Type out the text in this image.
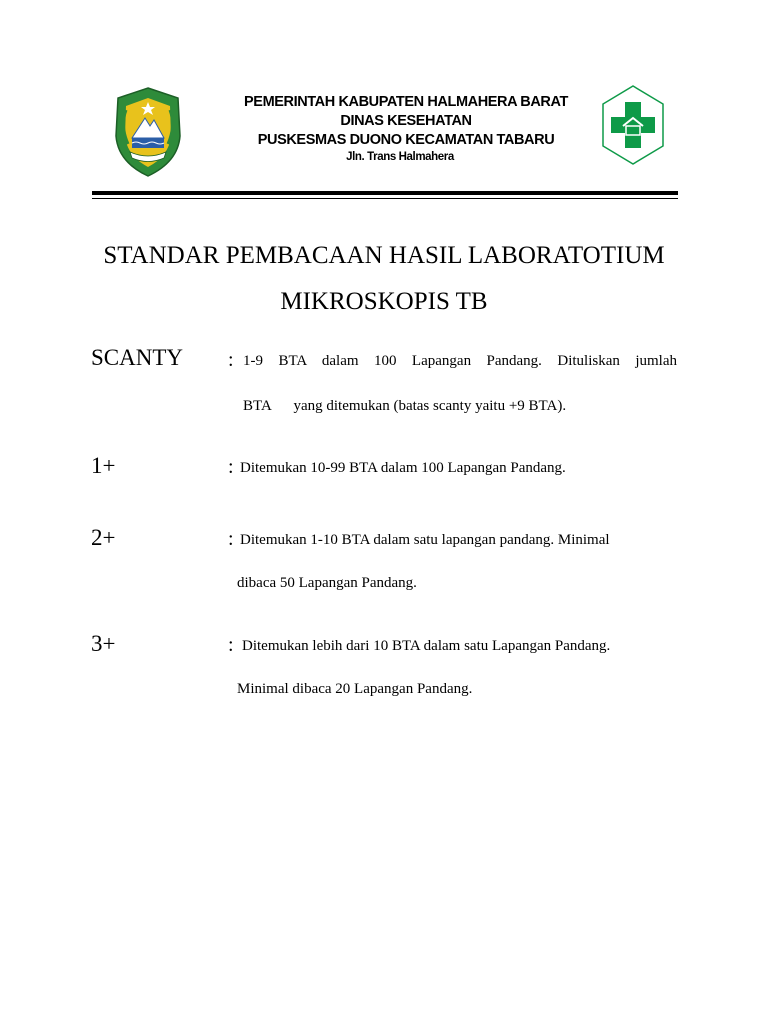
PEMERINTAH KABUPATEN HALMAHERA BARAT
DINAS KESEHATAN
PUSKESMAS DUONO KECAMATAN TABARU
Jln. Trans Halmahera
STANDAR PEMBACAAN HASIL LABORATOTIUM
MIKROSKOPIS TB
SCANTY : 1-9 BTA dalam 100 Lapangan Pandang. Dituliskan jumlah
BTA      yang ditemukan (batas scanty yaitu +9 BTA).
1+	: Ditemukan 10-99 BTA dalam 100 Lapangan Pandang.
2+	: Ditemukan 1-10 BTA dalam satu lapangan pandang. Minimal
dibaca 50 Lapangan Pandang.
3+	: Ditemukan lebih dari 10 BTA dalam satu Lapangan Pandang.
Minimal dibaca 20 Lapangan Pandang.
